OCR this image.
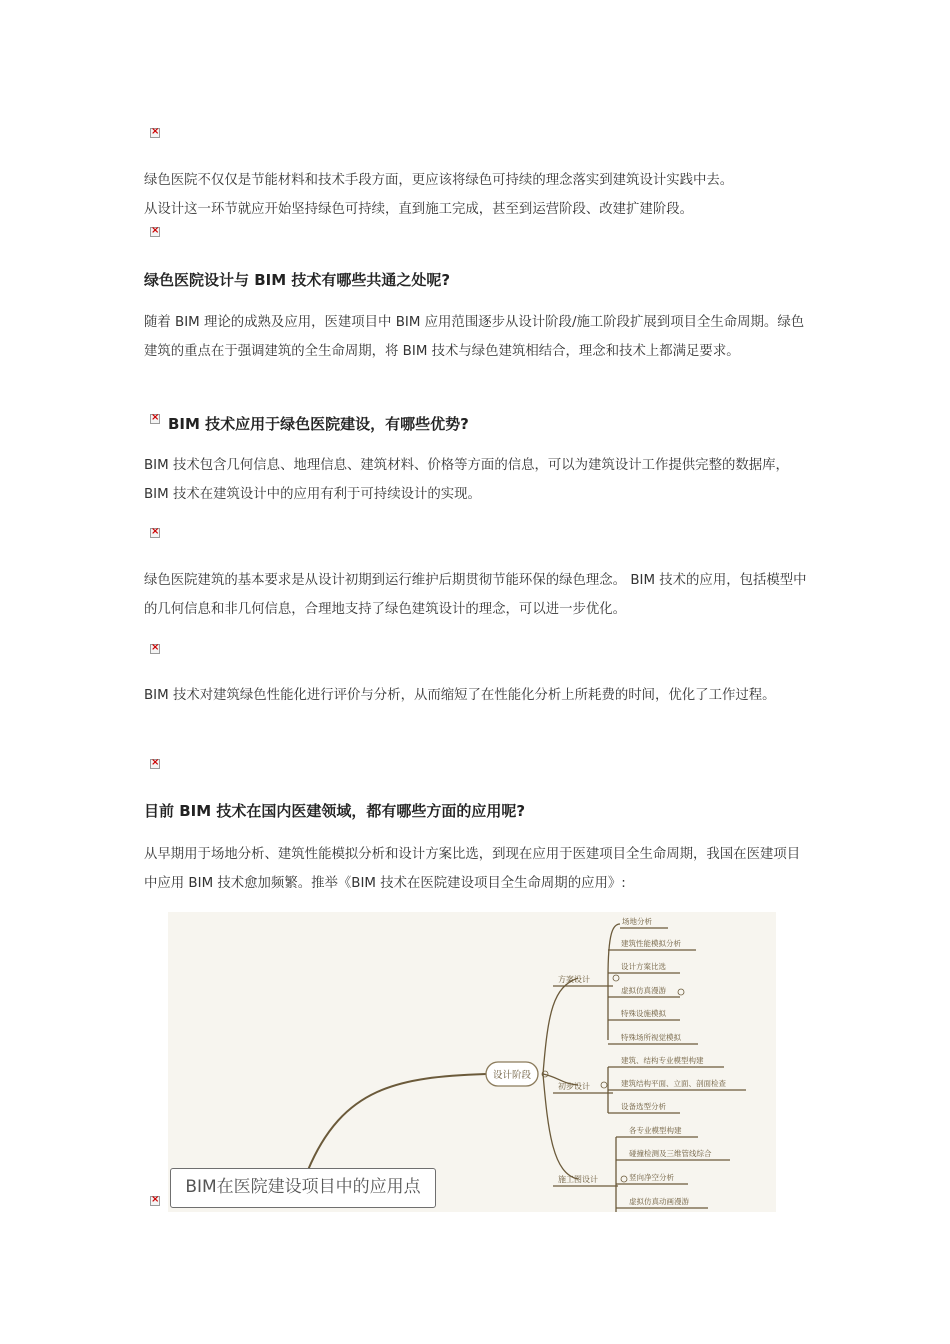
×

绿色医院不仅仅是节能材料和技术手段方面，更应该将绿色可持续的理念落实到建筑设计实践中去。
从设计这一环节就应开始坚持绿色可持续，直到施工完成，甚至到运营阶段、改建扩建阶段。

×
绿色医院设计与 BIM 技术有哪些共通之处呢?

随着 BIM 理论的成熟及应用，医建项目中 BIM 应用范围逐步从设计阶段/施工阶段扩展到项目全生命周期。绿色建筑的重点在于强调建筑的全生命周期，将 BIM 技术与绿色建筑相结合，理念和技术上都满足要求。

×
BIM 技术应用于绿色医院建设，有哪些优势?

BIM 技术包含几何信息、地理信息、建筑材料、价格等方面的信息，可以为建筑设计工作提供完整的数据库，BIM 技术在建筑设计中的应用有利于可持续设计的实现。

×

绿色医院建筑的基本要求是从设计初期到运行维护后期贯彻节能环保的绿色理念。 BIM 技术的应用，包括模型中的几何信息和非几何信息，合理地支持了绿色建筑设计的理念，可以进一步优化。

×

BIM 技术对建筑绿色性能化进行评价与分析，从而缩短了在性能化分析上所耗费的时间，优化了工作过程。

×
目前 BIM 技术在国内医建领域，都有哪些方面的应用呢?

从早期用于场地分析、建筑性能模拟分析和设计方案比选，到现在应用于医建项目全生命周期，我国在医建项目中应用 BIM 技术愈加频繁。推举《BIM 技术在医院建设项目全生命周期的应用》:

设计阶段
方案设计
初步设计
施工图设计
场地分析
建筑性能模拟分析
设计方案比选
虚拟仿真漫游
特殊设施模拟
特殊场所视觉模拟
建筑、结构专业模型构建
建筑结构平面、立面、剖面检查
设备选型分析
各专业模型构建
碰撞检测及三维管线综合
竖向净空分析
虚拟仿真动画漫游
×
BIM在医院建设项目中的应用点
